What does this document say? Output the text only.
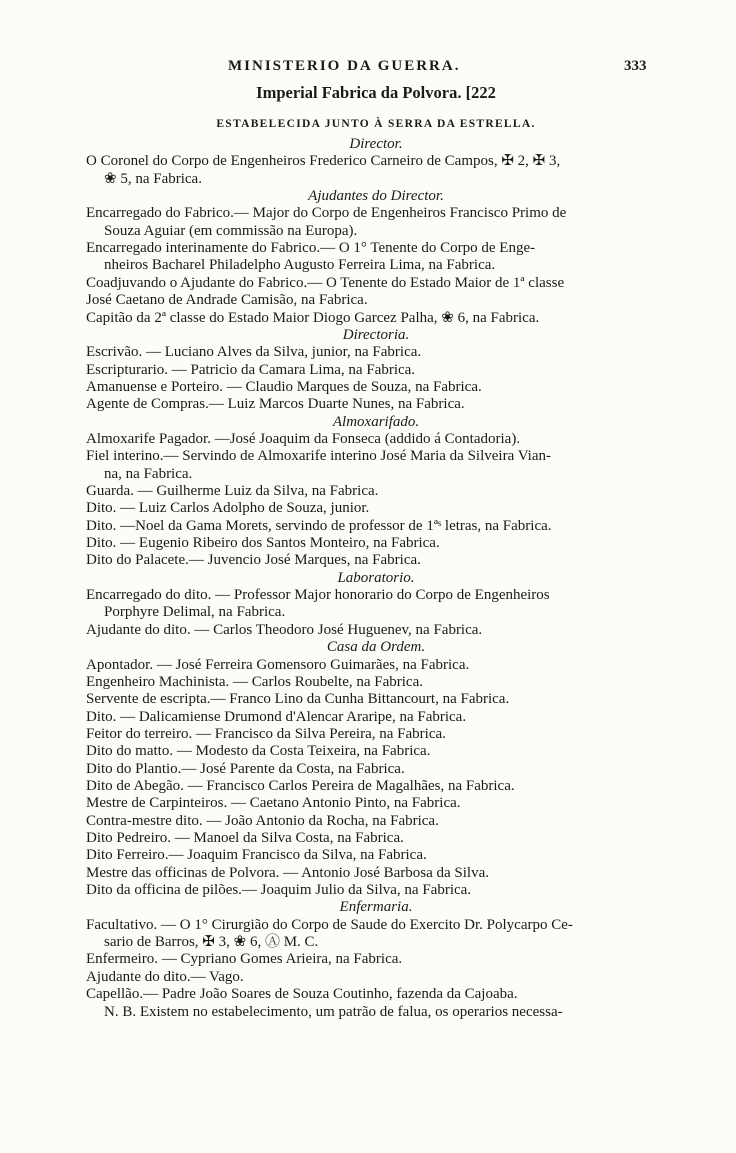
MINISTERIO DA GUERRA.	333
Imperial Fabrica da Polvora. [222
ESTABELECIDA JUNTO À SERRA DA ESTRELLA.
Director.
O Coronel do Corpo de Engenheiros Frederico Carneiro de Campos, ✠ 2, ✠ 3,
❀ 5, na Fabrica.
Ajudantes do Director.
Encarregado do Fabrico.— Major do Corpo de Engenheiros Francisco Primo de
Souza Aguiar (em commissão na Europa).
Encarregado interinamente do Fabrico.— O 1° Tenente do Corpo de Enge-
nheiros Bacharel Philadelpho Augusto Ferreira Lima, na Fabrica.
Coadjuvando o Ajudante do Fabrico.— O Tenente do Estado Maior de 1ª classe
José Caetano de Andrade Camisão, na Fabrica.
Capitão da 2ª classe do Estado Maior Diogo Garcez Palha, ❀ 6, na Fabrica.
Directoria.
Escrivão. — Luciano Alves da Silva, junior, na Fabrica.
Escripturario. — Patricio da Camara Lima, na Fabrica.
Amanuense e Porteiro. — Claudio Marques de Souza, na Fabrica.
Agente de Compras.— Luiz Marcos Duarte Nunes, na Fabrica.
Almoxarifado.
Almoxarife Pagador. —José Joaquim da Fonseca (addido á Contadoria).
Fiel interino.— Servindo de Almoxarife interino José Maria da Silveira Vian-
na, na Fabrica.
Guarda. — Guilherme Luiz da Silva, na Fabrica.
Dito. — Luiz Carlos Adolpho de Souza, junior.
Dito. —Noel da Gama Morets, servindo de professor de 1ªˢ letras, na Fabrica.
Dito. — Eugenio Ribeiro dos Santos Monteiro, na Fabrica.
Dito do Palacete.— Juvencio José Marques, na Fabrica.
Laboratorio.
Encarregado do dito. — Professor Major honorario do Corpo de Engenheiros
Porphyre Delimal, na Fabrica.
Ajudante do dito. — Carlos Theodoro José Huguenev, na Fabrica.
Casa da Ordem.
Apontador. — José Ferreira Gomensoro Guimarães, na Fabrica.
Engenheiro Machinista. — Carlos Roubelte, na Fabrica.
Servente de escripta.— Franco Lino da Cunha Bittancourt, na Fabrica.
Dito. — Dalicamiense Drumond d'Alencar Araripe, na Fabrica.
Feitor do terreiro. — Francisco da Silva Pereira, na Fabrica.
Dito do matto. — Modesto da Costa Teixeira, na Fabrica.
Dito do Plantio.— José Parente da Costa, na Fabrica.
Dito de Abegão. — Francisco Carlos Pereira de Magalhães, na Fabrica.
Mestre de Carpinteiros. — Caetano Antonio Pinto, na Fabrica.
Contra-mestre dito. — João Antonio da Rocha, na Fabrica.
Dito Pedreiro. — Manoel da Silva Costa, na Fabrica.
Dito Ferreiro.— Joaquim Francisco da Silva, na Fabrica.
Mestre das officinas de Polvora. — Antonio José Barbosa da Silva.
Dito da officina de pilões.— Joaquim Julio da Silva, na Fabrica.
Enfermaria.
Facultativo. — O 1° Cirurgião do Corpo de Saude do Exercito Dr. Polycarpo Ce-
sario de Barros, ✠ 3, ❀ 6, Ⓐ M. C.
Enfermeiro. — Cypriano Gomes Arieira, na Fabrica.
Ajudante do dito.— Vago.
Capellão.— Padre João Soares de Souza Coutinho, fazenda da Cajoaba.
N. B. Existem no estabelecimento, um patrão de falua, os operarios necessa-
